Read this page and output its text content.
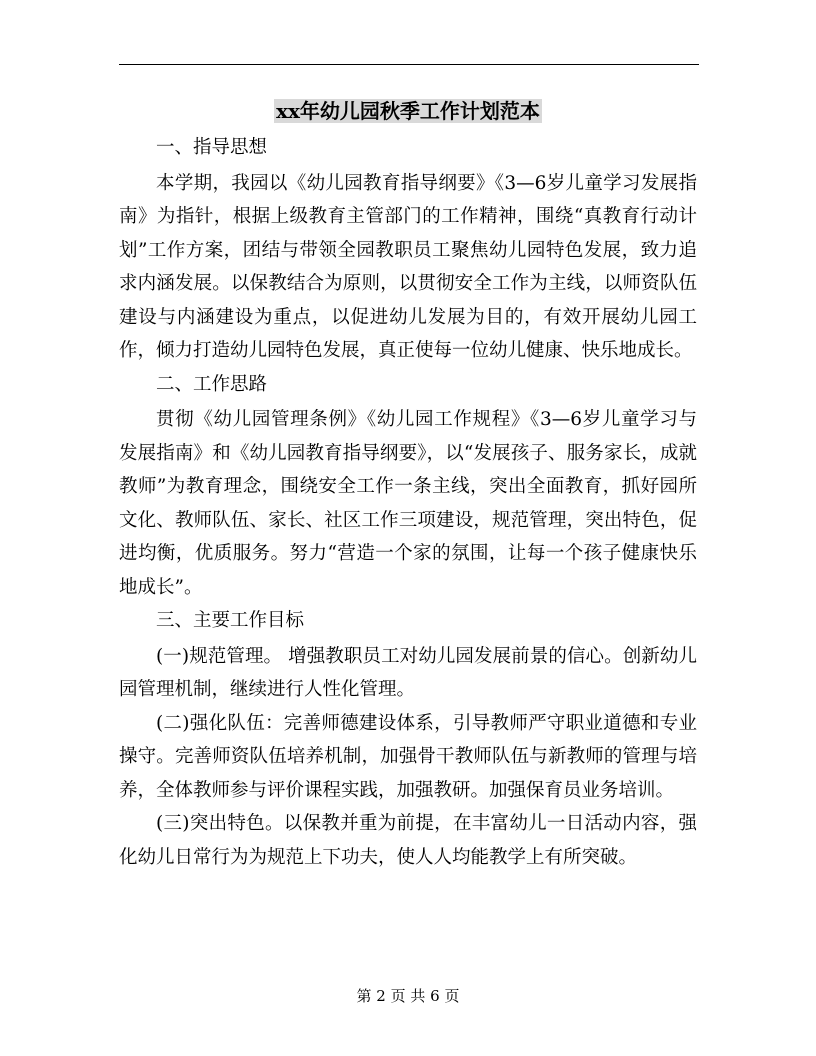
xx年幼儿园秋季工作计划范本

一、指导思想

本学期，我园以《幼儿园教育指导纲要》《3—6岁儿童学习发展指南》为指针，根据上级教育主管部门的工作精神，围绕“真教育行动计划”工作方案，团结与带领全园教职员工聚焦幼儿园特色发展，致力追求内涵发展。以保教结合为原则，以贯彻安全工作为主线，以师资队伍建设与内涵建设为重点，以促进幼儿发展为目的，有效开展幼儿园工作，倾力打造幼儿园特色发展，真正使每一位幼儿健康、快乐地成长。

二、工作思路

贯彻《幼儿园管理条例》《幼儿园工作规程》《3—6岁儿童学习与发展指南》和《幼儿园教育指导纲要》，以“发展孩子、服务家长，成就教师”为教育理念，围绕安全工作一条主线，突出全面教育，抓好园所文化、教师队伍、家长、社区工作三项建设，规范管理，突出特色，促进均衡，优质服务。努力“营造一个家的氛围，让每一个孩子健康快乐地成长”。

三、主要工作目标

(一)规范管理。 增强教职员工对幼儿园发展前景的信心。创新幼儿园管理机制，继续进行人性化管理。

(二)强化队伍：完善师德建设体系，引导教师严守职业道德和专业操守。完善师资队伍培养机制，加强骨干教师队伍与新教师的管理与培养，全体教师参与评价课程实践，加强教研。加强保育员业务培训。

(三)突出特色。以保教并重为前提，在丰富幼儿一日活动内容，强化幼儿日常行为为规范上下功夫，使人人均能教学上有所突破。

第 2 页 共 6 页
